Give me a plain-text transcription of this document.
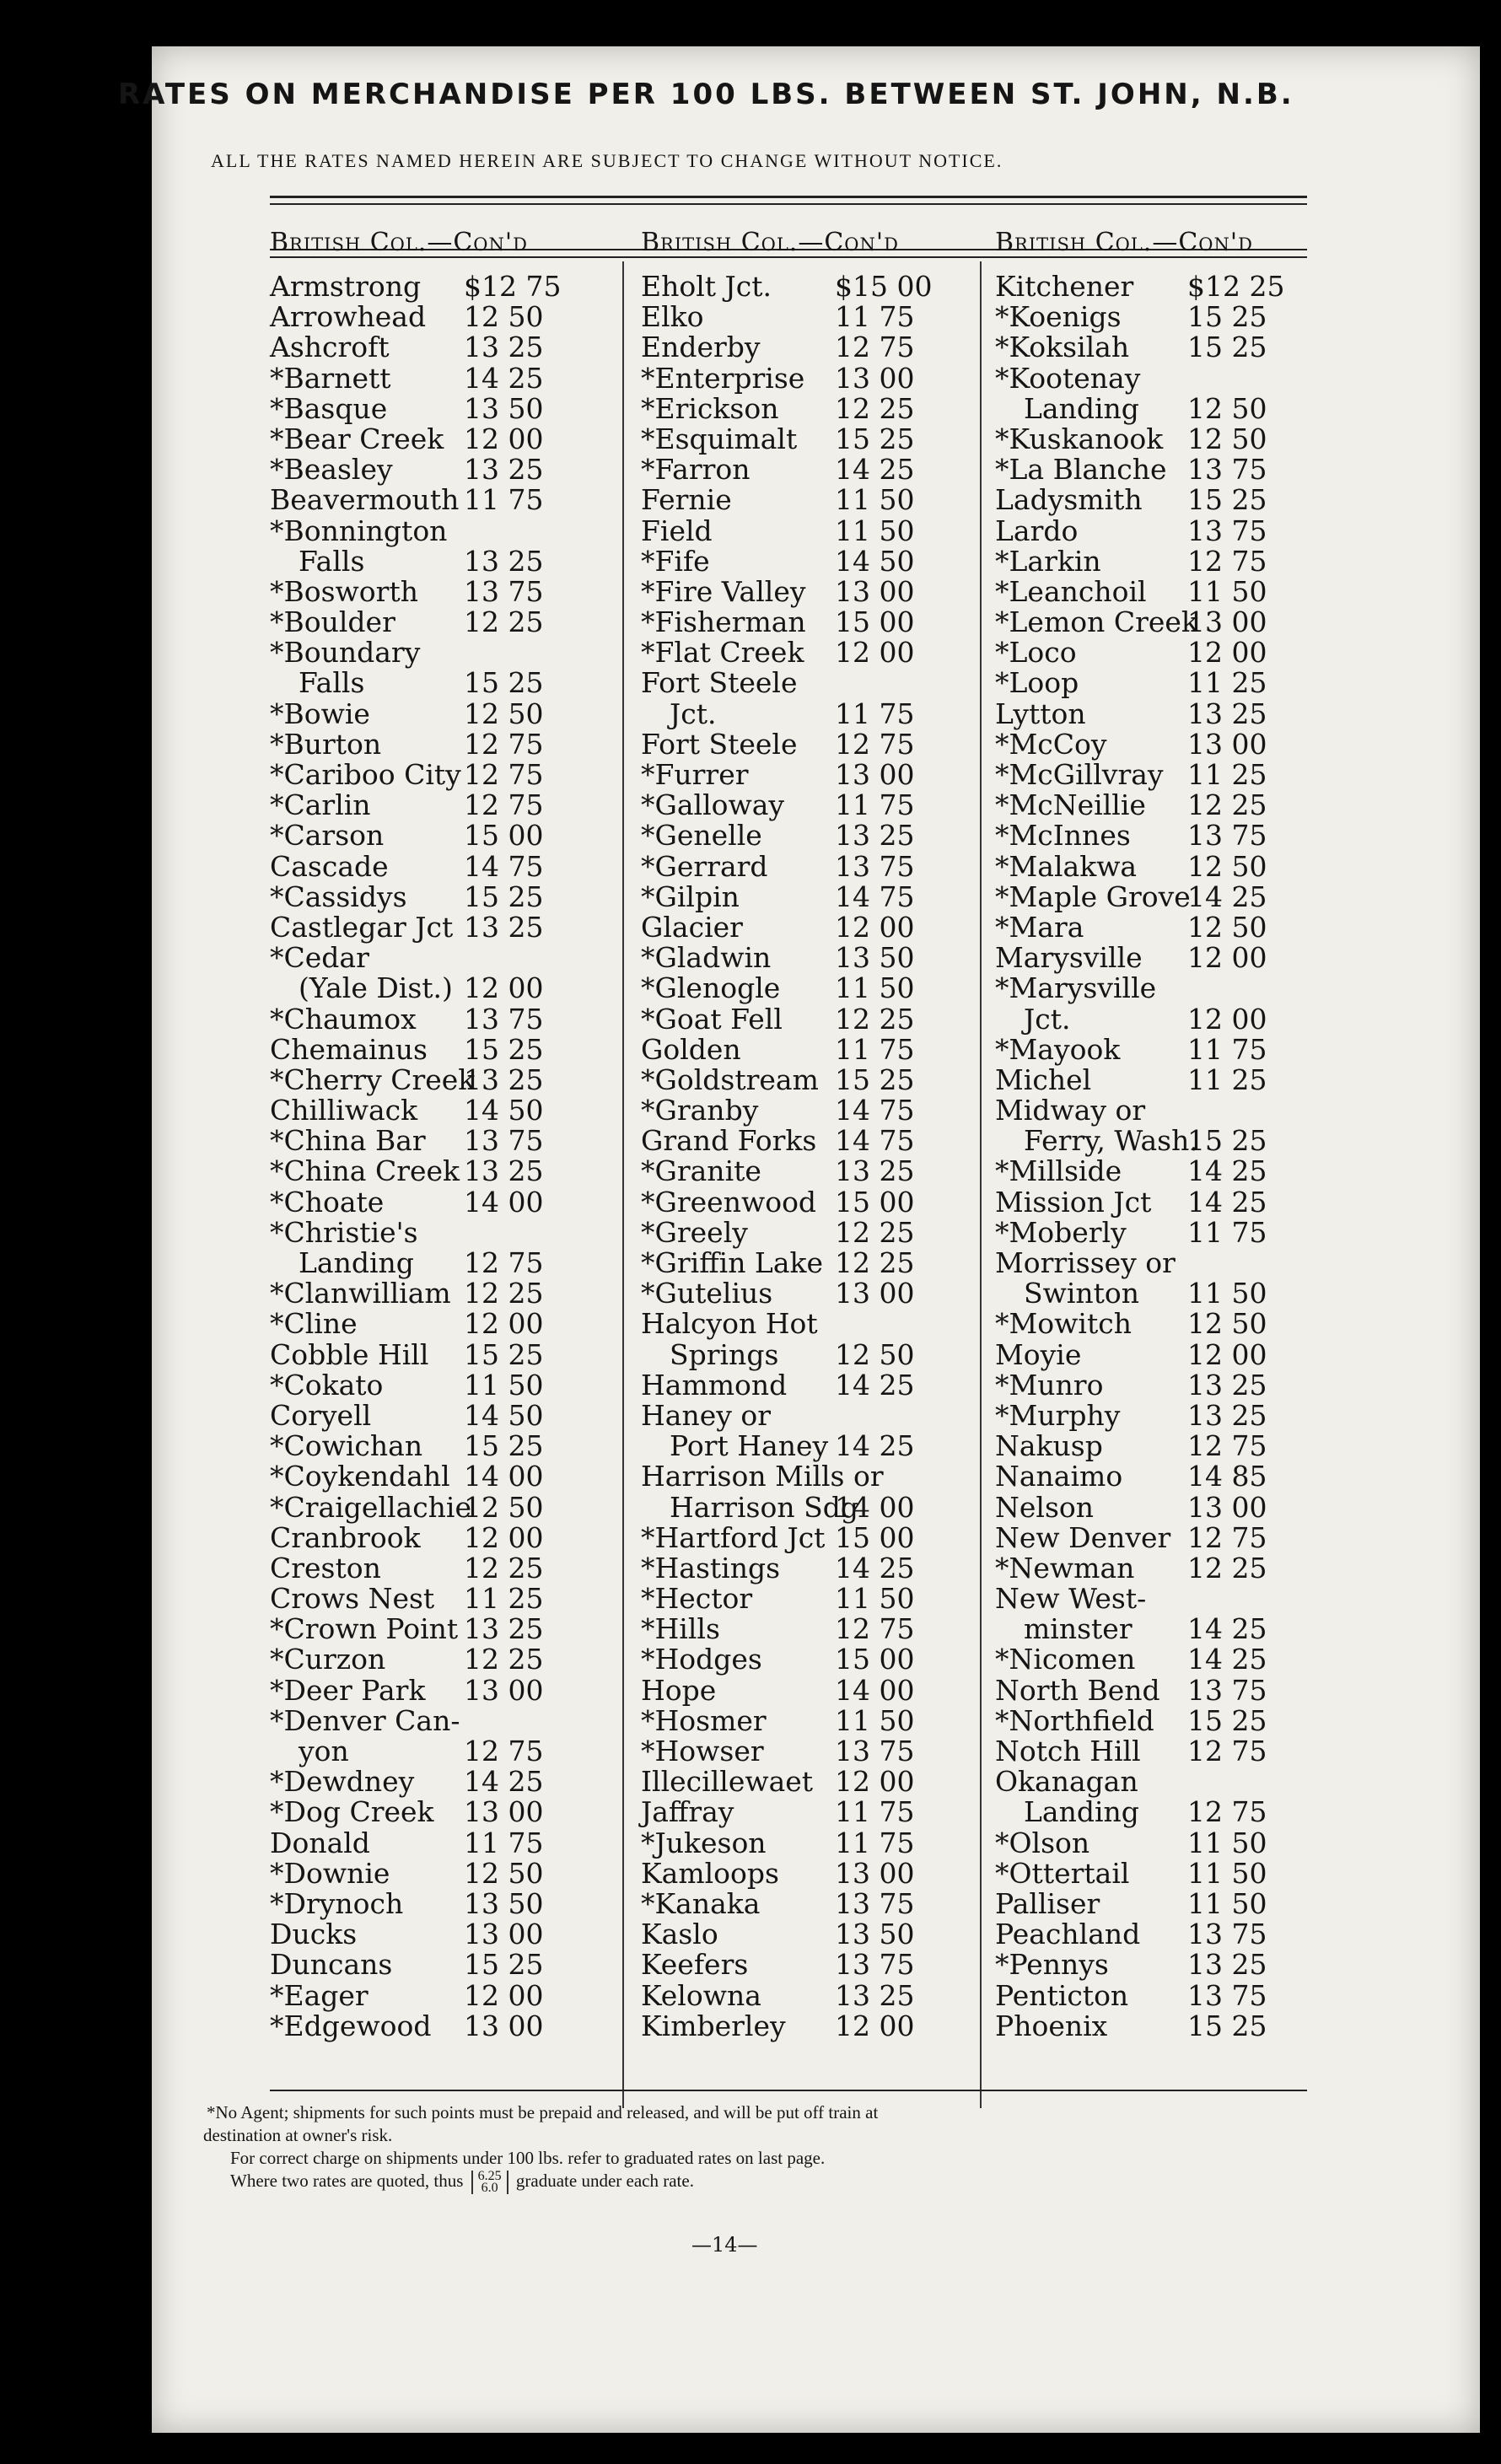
RATES ON MERCHANDISE PER 100 LBS. BETWEEN ST. JOHN, N.B.
ALL THE RATES NAMED HEREIN ARE SUBJECT TO CHANGE WITHOUT NOTICE.
British Col.—Con'd
Armstrong $12 75
Arrowhead 12 50
Ashcroft	13 25
*Barnett	14 25
*Basque	13 50
*Bear Creek 12 00
*Beasley	13 25
Beavermouth 11 75
*Bonnington
Falls	13 25
*Bosworth 13 75
*Boulder 12 25
*Boundary
Falls	15 25
*Bowie	12 50
*Burton	12 75
*Cariboo City 12 75
*Carlin	12 75
*Carson	15 00
Cascade	14 75
*Cassidys 15 25
Castlegar Jct 13 25
*Cedar
(Yale Dist.) 12 00
*Chaumox 13 75
Chemainus 15 25
*Cherry Creek
13 25
Chilliwack 14 50
*China Bar 13 75
*China Creek 13 25
*Choate	14 00
*Christie's
Landing 12 75
*Clanwilliam 12 25
*Cline	12 00
Cobble Hill 15 25
*Cokato	11 50
Coryell	14 50
*Cowichan 15 25
*Coykendahl 14 00
*Craigellachie
12 50
Cranbrook 12 00
Creston	12 25
Crows Nest 11 25
*Crown Point 13 25
*Curzon	12 25
*Deer Park 13 00
*Denver Can-
yon	12 75
*Dewdney 14 25
*Dog Creek 13 00
Donald	11 75
*Downie	12 50
*Drynoch 13 50
Ducks	13 00
Duncans	15 25
*Eager	12 00
*Edgewood 13 00
British Col.—Con'd
Eholt Jct. $15 00
Elko	11 75
Enderby	12 75
*Enterprise 13 00
*Erickson 12 25
*Esquimalt 15 25
*Farron	14 25
Fernie	11 50
Field	11 50
*Fife	14 50
*Fire Valley 13 00
*Fisherman 15 00
*Flat Creek 12 00
Fort Steele
Jct.	11 75
Fort Steele 12 75
*Furrer	13 00
*Galloway 11 75
*Genelle	13 25
*Gerrard 13 75
*Gilpin	14 75
Glacier	12 00
*Gladwin 13 50
*Glenogle 11 50
*Goat Fell 12 25
Golden	11 75
*Goldstream 15 25
*Granby	14 75
Grand Forks 14 75
*Granite	13 25
*Greenwood 15 00
*Greely	12 25
*Griffin Lake 12 25
*Gutelius 13 00
Halcyon Hot
Springs 12 50
Hammond 14 25
Haney or
Port Haney 14 25
Harrison Mills or
Harrison Sdg
14 00
*Hartford Jct 15 00
*Hastings 14 25
*Hector	11 50
*Hills	12 75
*Hodges	15 00
Hope	14 00
*Hosmer 11 50
*Howser	13 75
Illecillewaet 12 00
Jaffray	11 75
*Jukeson 11 75
Kamloops 13 00
*Kanaka	13 75
Kaslo	13 50
Keefers	13 75
Kelowna	13 25
Kimberley 12 00
British Col.—Con'd
Kitchener $12 25
*Koenigs 15 25
*Koksilah 15 25
*Kootenay
Landing 12 50
*Kuskanook 12 50
*La Blanche 13 75
Ladysmith 15 25
Lardo	13 75
*Larkin	12 75
*Leanchoil 11 50
*Lemon Creek
13 00
*Loco	12 00
*Loop	11 25
Lytton	13 25
*McCoy	13 00
*McGillvray 11 25
*McNeillie 12 25
*McInnes 13 75
*Malakwa 12 50
*Maple Grove
14 25
*Mara	12 50
Marysville 12 00
*Marysville
Jct.	12 00
*Mayook 11 75
Michel	11 25
Midway or
Ferry, Wash.
15 25
*Millside 14 25
Mission Jct 14 25
*Moberly 11 75
Morrissey or
Swinton 11 50
*Mowitch 12 50
Moyie	12 00
*Munro	13 25
*Murphy 13 25
Nakusp	12 75
Nanaimo 14 85
Nelson	13 00
New Denver 12 75
*Newman 12 25
New West-
minster 14 25
*Nicomen 14 25
North Bend 13 75
*Northfield 15 25
Notch Hill 12 75
Okanagan
Landing 12 75
*Olson	11 50
*Ottertail 11 50
Palliser	11 50
Peachland 13 75
*Pennys	13 25
Penticton 13 75
Phoenix	15 25
*No Agent; shipments for such points must be prepaid and released, and will be put off train at
destination at owner's risk.
For correct charge on shipments under 100 lbs. refer to graduated rates on last page.
Where two rates are quoted, thus 6.25
6.0 graduate under each rate.
—14—
